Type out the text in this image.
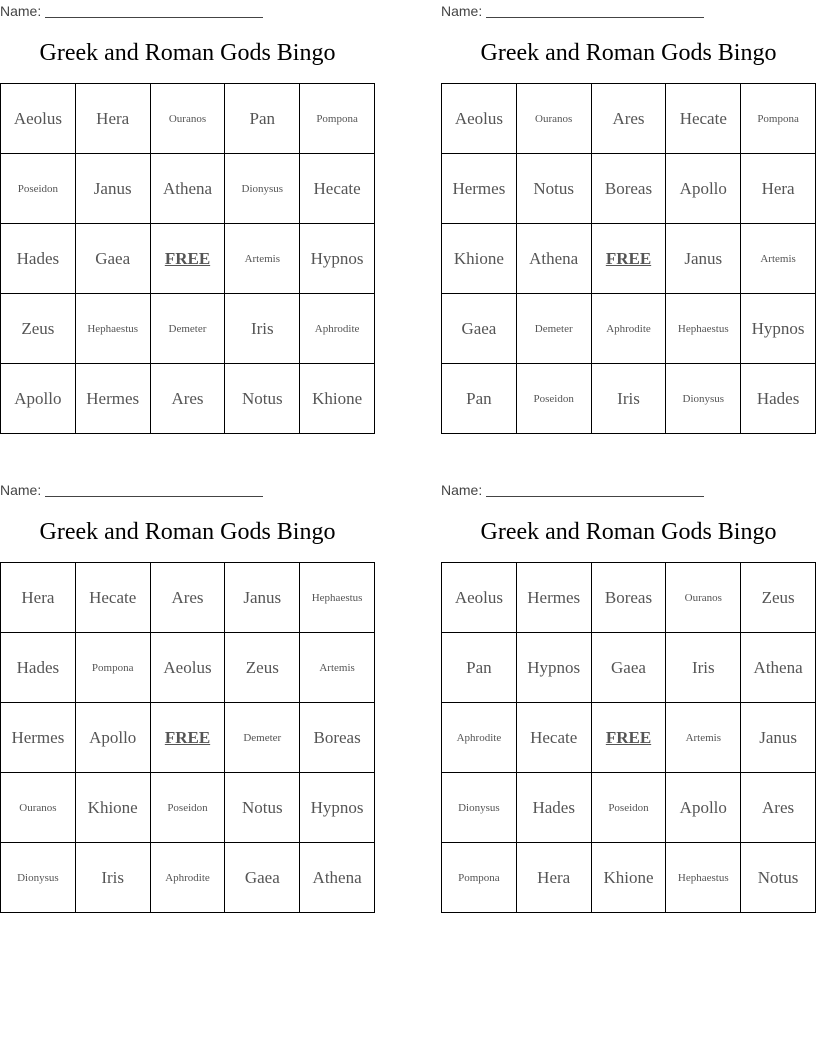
Name:
Greek and Roman Gods Bingo
Aeolus	Hera	Ouranos	Pan	Pompona
Poseidon	Janus	Athena	Dionysus	Hecate
Hades	Gaea	FREE	Artemis	Hypnos
Zeus	Hephaestus	Demeter	Iris	Aphrodite
Apollo	Hermes	Ares	Notus	Khione
Name:
Greek and Roman Gods Bingo
Aeolus	Ouranos	Ares	Hecate	Pompona
Hermes	Notus	Boreas	Apollo	Hera
Khione	Athena	FREE	Janus	Artemis
Gaea	Demeter	Aphrodite	Hephaestus	Hypnos
Pan	Poseidon	Iris	Dionysus	Hades
Name:
Greek and Roman Gods Bingo
Hera	Hecate	Ares	Janus	Hephaestus
Hades	Pompona	Aeolus	Zeus	Artemis
Hermes	Apollo	FREE	Demeter	Boreas
Ouranos	Khione	Poseidon	Notus	Hypnos
Dionysus	Iris	Aphrodite	Gaea	Athena
Name:
Greek and Roman Gods Bingo
Aeolus	Hermes	Boreas	Ouranos	Zeus
Pan	Hypnos	Gaea	Iris	Athena
Aphrodite	Hecate	FREE	Artemis	Janus
Dionysus	Hades	Poseidon	Apollo	Ares
Pompona	Hera	Khione	Hephaestus	Notus
